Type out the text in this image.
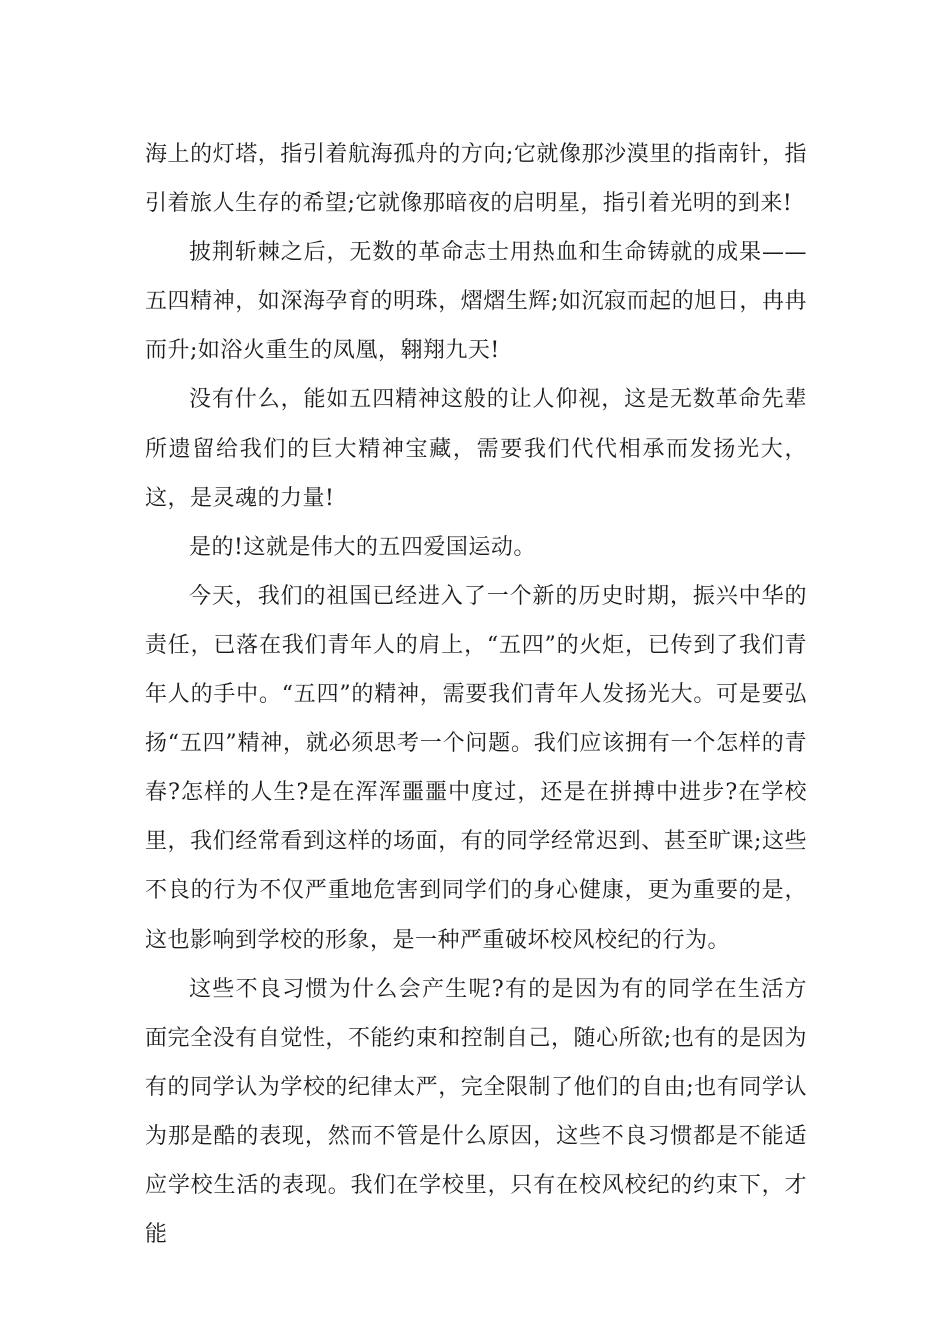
海上的灯塔，指引着航海孤舟的方向;它就像那沙漠里的指南针，指引着旅人生存的希望;它就像那暗夜的启明星，指引着光明的到来!

披荆斩棘之后，无数的革命志士用热血和生命铸就的成果——五四精神，如深海孕育的明珠，熠熠生辉;如沉寂而起的旭日，冉冉而升;如浴火重生的凤凰，翱翔九天!

没有什么，能如五四精神这般的让人仰视，这是无数革命先辈所遗留给我们的巨大精神宝藏，需要我们代代相承而发扬光大，这，是灵魂的力量!

是的!这就是伟大的五四爱国运动。

今天，我们的祖国已经进入了一个新的历史时期，振兴中华的责任，已落在我们青年人的肩上，“五四”的火炬，已传到了我们青年人的手中。“五四”的精神，需要我们青年人发扬光大。可是要弘扬“五四”精神，就必须思考一个问题。我们应该拥有一个怎样的青春?怎样的人生?是在浑浑噩噩中度过，还是在拼搏中进步?在学校里，我们经常看到这样的场面，有的同学经常迟到、甚至旷课;这些不良的行为不仅严重地危害到同学们的身心健康，更为重要的是，这也影响到学校的形象，是一种严重破坏校风校纪的行为。

这些不良习惯为什么会产生呢?有的是因为有的同学在生活方面完全没有自觉性，不能约束和控制自己，随心所欲;也有的是因为有的同学认为学校的纪律太严，完全限制了他们的自由;也有同学认为那是酷的表现，然而不管是什么原因，这些不良习惯都是不能适应学校生活的表现。我们在学校里，只有在校风校纪的约束下，才能
